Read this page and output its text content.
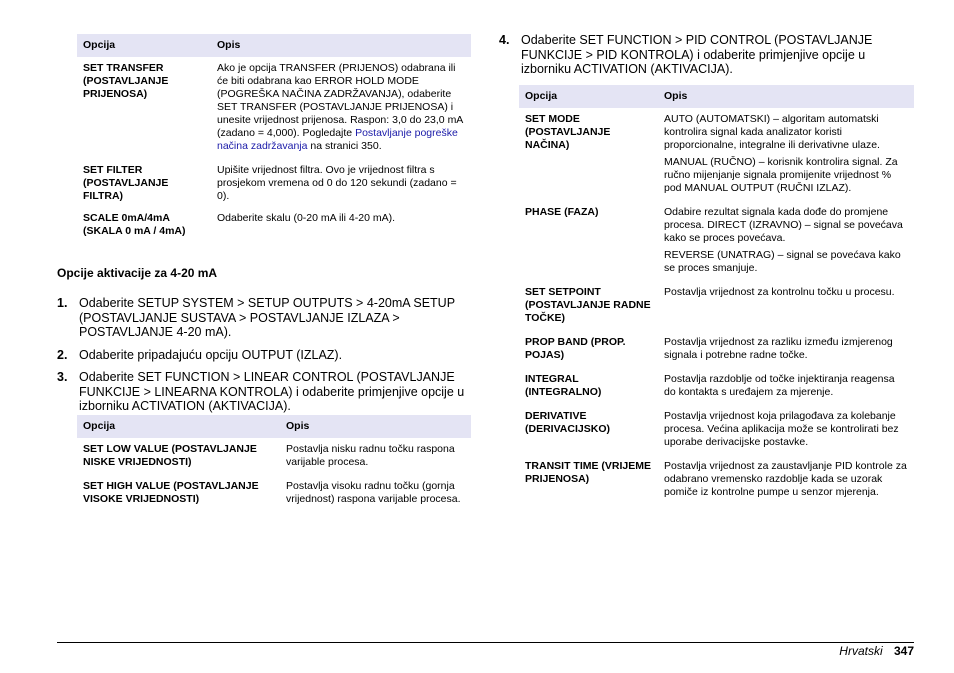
Opcija	Opis
SET TRANSFER (POSTAVLJANJE PRIJENOSA)	Ako je opcija TRANSFER (PRIJENOS) odabrana ili će biti odabrana kao ERROR HOLD MODE (POGREŠKA NAČINA ZADRŽAVANJA), odaberite SET TRANSFER (POSTAVLJANJE PRIJENOSA) i unesite vrijednost prijenosa. Raspon: 3,0 do 23,0 mA (zadano = 4,000). Pogledajte Postavljanje pogreške načina zadržavanja na stranici 350.
SET FILTER (POSTAVLJANJE FILTRA)	Upišite vrijednost filtra. Ovo je vrijednost filtra s prosjekom vremena od 0 do 120 sekundi (zadano = 0).
SCALE 0mA/4mA (SKALA 0 mA / 4mA)	Odaberite skalu (0-20 mA ili 4-20 mA).

Opcije aktivacije za 4-20 mA

1. Odaberite SETUP SYSTEM > SETUP OUTPUTS > 4-20mA SETUP (POSTAVLJANJE SUSTAVA > POSTAVLJANJE IZLAZA > POSTAVLJANJE 4-20 mA).
2. Odaberite pripadajuću opciju OUTPUT (IZLAZ).
3. Odaberite SET FUNCTION > LINEAR CONTROL (POSTAVLJANJE FUNKCIJE > LINEARNA KONTROLA) i odaberite primjenjive opcije u izborniku ACTIVATION (AKTIVACIJA).
Opcija	Opis
SET LOW VALUE (POSTAVLJANJE NISKE VRIJEDNOSTI)	Postavlja nisku radnu točku raspona varijable procesa.
SET HIGH VALUE (POSTAVLJANJE VISOKE VRIJEDNOSTI)	Postavlja visoku radnu točku (gornja vrijednost) raspona varijable procesa.
4. Odaberite SET FUNCTION > PID CONTROL (POSTAVLJANJE FUNKCIJE > PID KONTROLA) i odaberite primjenjive opcije u izborniku ACTIVATION (AKTIVACIJA).
Opcija	Opis
SET MODE (POSTAVLJANJE NAČINA)	AUTO (AUTOMATSKI) – algoritam automatski kontrolira signal kada analizator koristi proporcionalne, integralne ili derivativne ulaze.

MANUAL (RUČNO) – korisnik kontrolira signal. Za ručno mijenjanje signala promijenite vrijednost % pod MANUAL OUTPUT (RUČNI IZLAZ).

PHASE (FAZA)	Odabire rezultat signala kada dođe do promjene procesa. DIRECT (IZRAVNO) – signal se povećava kako se proces povećava.

REVERSE (UNATRAG) – signal se povećava kako se proces smanjuje.

SET SETPOINT (POSTAVLJANJE RADNE TOČKE)	Postavlja vrijednost za kontrolnu točku u procesu.
PROP BAND (PROP. POJAS)	Postavlja vrijednost za razliku između izmjerenog signala i potrebne radne točke.
INTEGRAL (INTEGRALNO)	Postavlja razdoblje od točke injektiranja reagensa do kontakta s uređajem za mjerenje.
DERIVATIVE (DERIVACIJSKO)	Postavlja vrijednost koja prilagođava za kolebanje procesa. Većina aplikacija može se kontrolirati bez uporabe derivacijske postavke.
TRANSIT TIME (VRIJEME PRIJENOSA)	Postavlja vrijednost za zaustavljanje PID kontrole za odabrano vremensko razdoblje kada se uzorak pomiče iz kontrolne pumpe u senzor mjerenja.
Hrvatski 347
